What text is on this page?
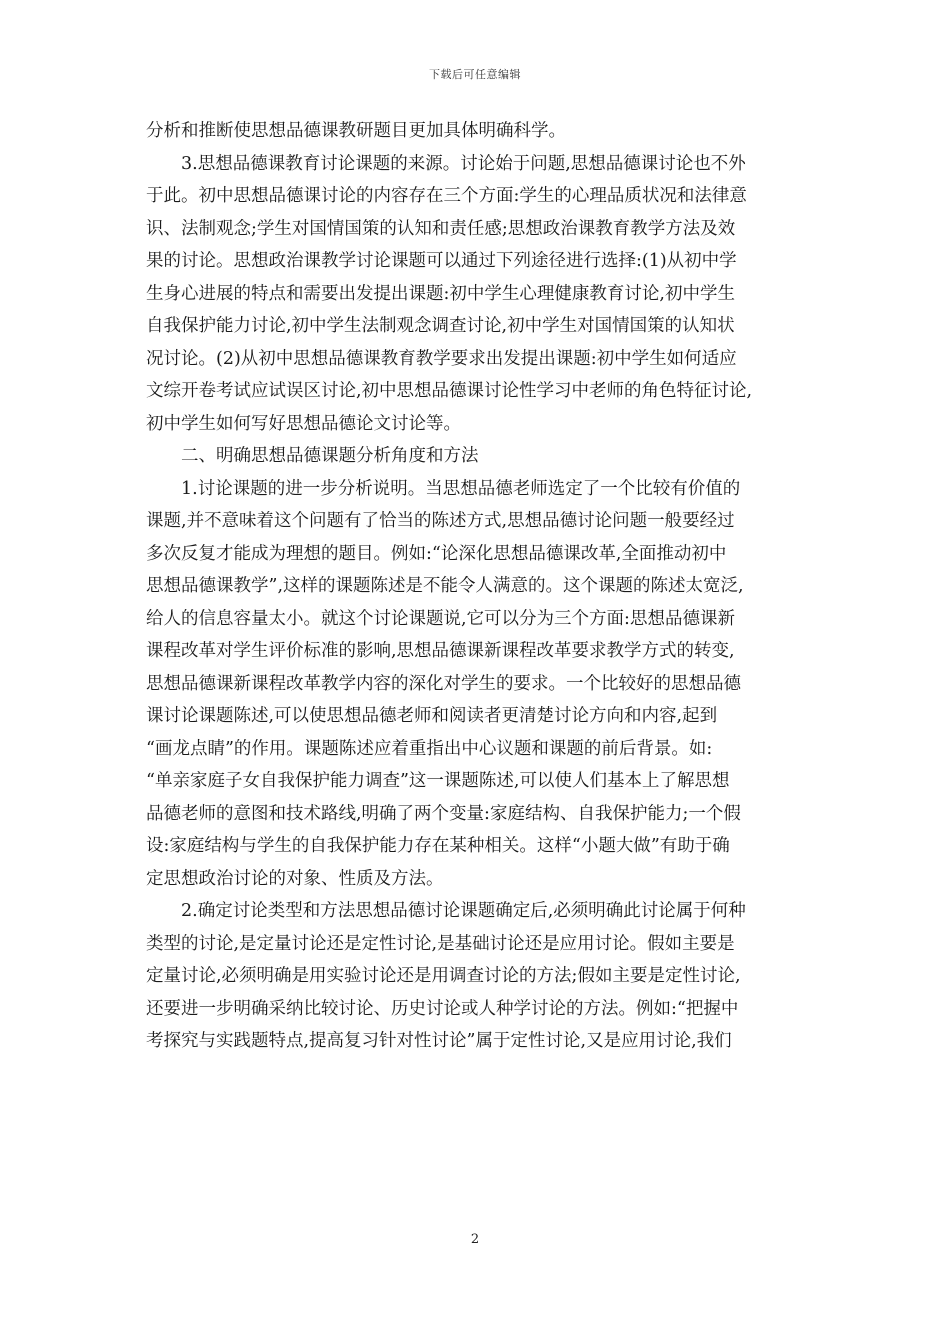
下载后可任意编辑

分析和推断使思想品德课教研题目更加具体明确科学。

3.思想品德课教育讨论课题的来源。讨论始于问题,思想品德课讨论也不外

于此。初中思想品德课讨论的内容存在三个方面:学生的心理品质状况和法律意

识、法制观念;学生对国情国策的认知和责任感;思想政治课教育教学方法及效

果的讨论。思想政治课教学讨论课题可以通过下列途径进行选择:(1)从初中学

生身心进展的特点和需要出发提出课题:初中学生心理健康教育讨论,初中学生

自我保护能力讨论,初中学生法制观念调查讨论,初中学生对国情国策的认知状

况讨论。(2)从初中思想品德课教育教学要求出发提出课题:初中学生如何适应

文综开卷考试应试误区讨论,初中思想品德课讨论性学习中老师的角色特征讨论,

初中学生如何写好思想品德论文讨论等。

二、明确思想品德课题分析角度和方法

1.讨论课题的进一步分析说明。当思想品德老师选定了一个比较有价值的

课题,并不意味着这个问题有了恰当的陈述方式,思想品德讨论问题一般要经过

多次反复才能成为理想的题目。例如:“论深化思想品德课改革,全面推动初中

思想品德课教学”,这样的课题陈述是不能令人满意的。这个课题的陈述太宽泛,

给人的信息容量太小。就这个讨论课题说,它可以分为三个方面:思想品德课新

课程改革对学生评价标准的影响,思想品德课新课程改革要求教学方式的转变,

思想品德课新课程改革教学内容的深化对学生的要求。一个比较好的思想品德

课讨论课题陈述,可以使思想品德老师和阅读者更清楚讨论方向和内容,起到

“画龙点睛”的作用。课题陈述应着重指出中心议题和课题的前后背景。如:

“单亲家庭子女自我保护能力调查”这一课题陈述,可以使人们基本上了解思想

品德老师的意图和技术路线,明确了两个变量:家庭结构、自我保护能力;一个假

设:家庭结构与学生的自我保护能力存在某种相关。这样“小题大做”有助于确

定思想政治讨论的对象、性质及方法。

2.确定讨论类型和方法思想品德讨论课题确定后,必须明确此讨论属于何种

类型的讨论,是定量讨论还是定性讨论,是基础讨论还是应用讨论。假如主要是

定量讨论,必须明确是用实验讨论还是用调查讨论的方法;假如主要是定性讨论,

还要进一步明确采纳比较讨论、历史讨论或人种学讨论的方法。例如:“把握中

考探究与实践题特点,提高复习针对性讨论”属于定性讨论,又是应用讨论,我们

2
